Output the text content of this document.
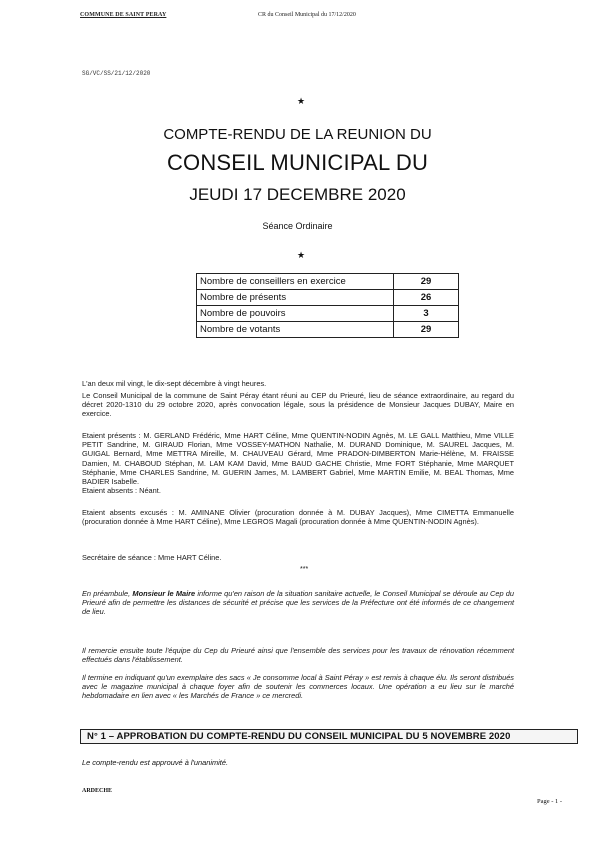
COMMUNE DE SAINT PERAY	CR du Conseil Municipal du 17/12/2020
SG/VC/SS/21/12/2020
★
COMPTE-RENDU DE LA REUNION DU
CONSEIL MUNICIPAL DU
JEUDI 17 DECEMBRE 2020
Séance Ordinaire
★
Nombre de conseillers en exercice	29
Nombre de présents	26
Nombre de pouvoirs	3
Nombre de votants	29
L'an deux mil vingt, le dix-sept décembre à vingt heures.
Le Conseil Municipal de la commune de Saint Péray étant réuni au CEP du Prieuré, lieu de séance extraordinaire, au regard du décret 2020-1310 du 29 octobre 2020, après convocation légale, sous la présidence de Monsieur Jacques DUBAY, Maire en exercice.
Etaient présents : M. GERLAND Frédéric, Mme HART Céline, Mme QUENTIN-NODIN Agnès, M. LE GALL Matthieu, Mme VILLE PETIT Sandrine, M. GIRAUD Florian, Mme VOSSEY-MATHON Nathalie, M. DURAND Dominique, M. SAUREL Jacques, M. GUIGAL Bernard, Mme METTRA Mireille, M. CHAUVEAU Gérard, Mme PRADON-DIMBERTON Marie-Hélène, M. FRAISSE Damien, M. CHABOUD Stéphan, M. LAM KAM David, Mme BAUD GACHE Christie, Mme FORT Stéphanie, Mme MARQUET Stéphanie, Mme CHARLES Sandrine, M. GUERIN James, M. LAMBERT Gabriel, Mme MARTIN Emilie, M. BEAL Thomas, Mme BADIER Isabelle.
Etaient absents : Néant.
Etaient absents excusés : M. AMINANE Olivier (procuration donnée à M. DUBAY Jacques), Mme CIMETTA Emmanuelle (procuration donnée à Mme HART Céline), Mme LEGROS Magali (procuration donnée à Mme QUENTIN-NODIN Agnès).
Secrétaire de séance : Mme HART Céline.
***
En préambule, Monsieur le Maire informe qu'en raison de la situation sanitaire actuelle, le Conseil Municipal se déroule au Cep du Prieuré afin de permettre les distances de sécurité et précise que les services de la Préfecture ont été informés de ce changement de lieu.
Il remercie ensuite toute l'équipe du Cep du Prieuré ainsi que l'ensemble des services pour les travaux de rénovation récemment effectués dans l'établissement.
Il termine en indiquant qu'un exemplaire des sacs « Je consomme local à Saint Péray » est remis à chaque élu. Ils seront distribués avec le magazine municipal à chaque foyer afin de soutenir les commerces locaux. Une opération a eu lieu sur le marché hebdomadaire en lien avec « les Marchés de France » ce mercredi.
N° 1 – APPROBATION DU COMPTE-RENDU DU CONSEIL MUNICIPAL DU 5 NOVEMBRE 2020
Le compte-rendu est approuvé à l'unanimité.
ARDECHE
Page - 1 -
